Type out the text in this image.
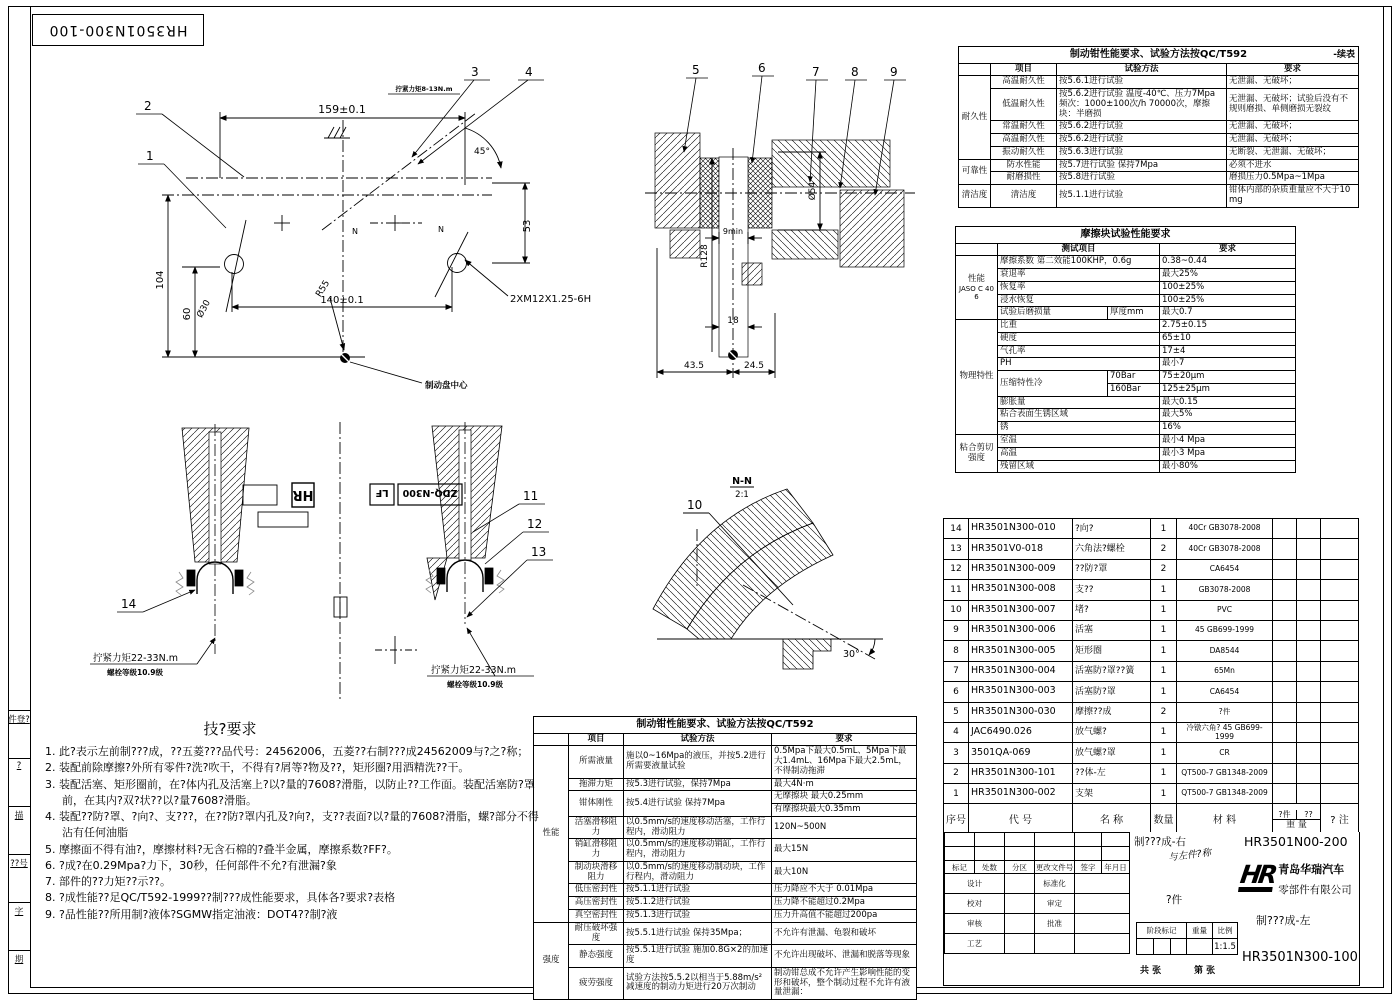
HR3501N300-100
件登?
?
描
??号
字
期
1
2
3	4
159±0.1
拧紧力矩8-13N.m
45°
53
104
60 Ø30
R55
140±0.1	2XM12X1.25-6H
N	N
制动盘中心
5	6	7	8	9
Ø54
9min
R128
18
43.5	24.5
HR	LF ZDQ-N300
14
11
12
13
拧紧力矩22-33N.m
螺栓等级10.9级	拧紧力矩22-33N.m
螺栓等级10.9级
N-N
2:1
10
30°
制动钳性能要求、试验方法按QC/T592 -续表			

	项目	试验方法	要求
耐久性	高温耐久性	按5.6.1进行试验	无泄漏、无破坏；
	低温耐久性	按5.6.2进行试验 温度-40℃、压力7Mpa 频次：1000±100次/h 70000次，摩擦块：半磨损	无泄漏、无破坏；试验后没有不规则磨损、单侧磨损无裂纹
	常温耐久性	按5.6.2进行试验	无泄漏、无破坏；
	高温耐久性	按5.6.2进行试验	无泄漏、无破坏；
	振动耐久性	按5.6.3进行试验	无断裂、无泄漏、无破坏；
可靠性	防水性能	按5.7进行试验 保持7Mpa	必须不进水
	耐磨损性	按5.8进行试验	磨损压力0.5Mpa~1Mpa
清洁度	清洁度	按5.1.1进行试验	钳体内部的杂质重量应不大于10mg
摩擦块试验性能要求			
	测试项目		要求

性能
JASO C 406	摩擦系数 第二效能100KHP，0.6g		0.38~0.44
	衰退率		最大25%
	恢复率		100±25%
	浸水恢复		100±25%
	试验后磨损量	厚度mm	最大0.7
物理特性	比重		2.75±0.15
	硬度		65±10
	气孔率		17±4
	PH		最小7
	压缩特性冷	70Bar	75±20μm
		160Bar	125±25μm
	膨胀量		最大0.15
	粘合表面生锈区域		最大5%
	锈		16%
粘合剪切强度	室温		最小4 Mpa
	高温		最小3 Mpa
	残留区域		最小80%
制动钳性能要求、试验方法按QC/T592			
	项目	试验方法	要求
性能	所需液量	施以0~16Mpa的液压，并按5.2进行所需要液量试验	0.5Mpa下最大0.5mL、5Mpa下最大1.4mL、16Mpa下最大2.5mL，不得制动拖滞
	拖滞力矩	按5.3进行试验，保持7Mpa	最大4N·m
	钳体刚性	按5.4进行试验 保持7Mpa	无摩擦块 最大0.25mm
			有摩擦块最大0.35mm
	活塞滑移阻力	以0.5mm/s的速度移动活塞，工作行程内，滑动阻力	120N~500N
	销缸滑移阻力	以0.5mm/s的速度移动销缸，工作行程内，滑动阻力	最大15N
	制动块滑移阻力	以0.5mm/s的速度移动制动块，工作行程内，滑动阻力	最大10N
	低压密封性	按5.1.1进行试验	压力降应不大于 0.01Mpa
	高压密封性	按5.1.2进行试验	压力降不能超过0.2Mpa
	真空密封性	按5.1.3进行试验	压力升高值不能超过200pa
强度	耐压破坏强度	按5.5.1进行试验 保持35Mpa；	不允许有泄漏、龟裂和破坏
	静态强度	按5.5.1进行试验 施加0.8G×2的加速度	不允许出现破坏、泄漏和脱落等现象
	疲劳强度	试验方法按5.5.2以相当于5.88m/s²减速度的制动力矩进行20万次制动	制动钳总成不允许产生影响性能的变形和破坏，整个制动过程不允许有液量泄漏：
14	HR3501N300-010	?向?	1	40Cr GB3078-2008			
13	HR3501V0-018	六角法?螺栓	2	40Cr GB3078-2008			
12	HR3501N300-009	??防?罩	2	CA6454			
11	HR3501N300-008	支??	1	GB3078-2008			
10	HR3501N300-007	堵?	1	PVC			
9	HR3501N300-006	活塞	1	45 GB699-1999			
8	HR3501N300-005	矩形圈	1	DA8544			
7	HR3501N300-004	活塞防?罩??簧	1	65Mn			
6	HR3501N300-003	活塞防?罩	1	CA6454			
5	HR3501N300-030	摩擦??成	2	?件			
4	JAC6490.026	放气螺?	1	冷镦六角? 45 GB699-1999			
3	3501QA-069	放气螺?罩	1	CR			
2	HR3501N300-101	??体-左	1	QT500-7 GB1348-2009			
1	HR3501N300-002	支架	1	QT500-7 GB1348-2009			
序号	代 号	名 称	数量	材 料	?件 ??
重 量		? 注

标记	处数	分区	更改文件号	签字	年月日
设计			标准化		
校对			审定		
审核			批准		
工艺					
制???成-右
与左件?称
?件
阶段标记			重量	比例
				1:1.5
共 张	第 张
HR3501N00-200
HR 青岛华瑞汽车
零部件有限公司
制???成-左
HR3501N300-100
技?要求
1. 此?表示左前制???成，??五菱???品代号：24562006，五菱??右制???成24562009与?之?称；
2. 装配前除摩擦?外所有零件?洗?吹干，不得有?屑等?物及??，矩形圈?用酒精洗??干。
3. 装配活塞、矩形圈前，在?体内孔及活塞上?以?量的7608?滑脂，以防止??工作面。装配活塞防?罩前，在其内?双?状??以?量7608?滑脂。
4. 装配??防?罩、?向?、支???，在??防?罩内孔及?向?，支??表面?以?量的7608?滑脂，螺?部分不得沾有任何油脂
5. 摩擦面不得有油?，摩擦材料?无含石棉的?叠半金属，摩擦系数?FF?。
6. ?成?在0.29Mpa?力下，30秒，任何部件不允?有泄漏?象
7. 部件的??力矩??示??。
8. ?成性能??足QC/T592-1999??制???成性能要求，具体各?要求?表格
9. ?品性能??所用制?液体?SGMW指定油液：DOT4??制?液
